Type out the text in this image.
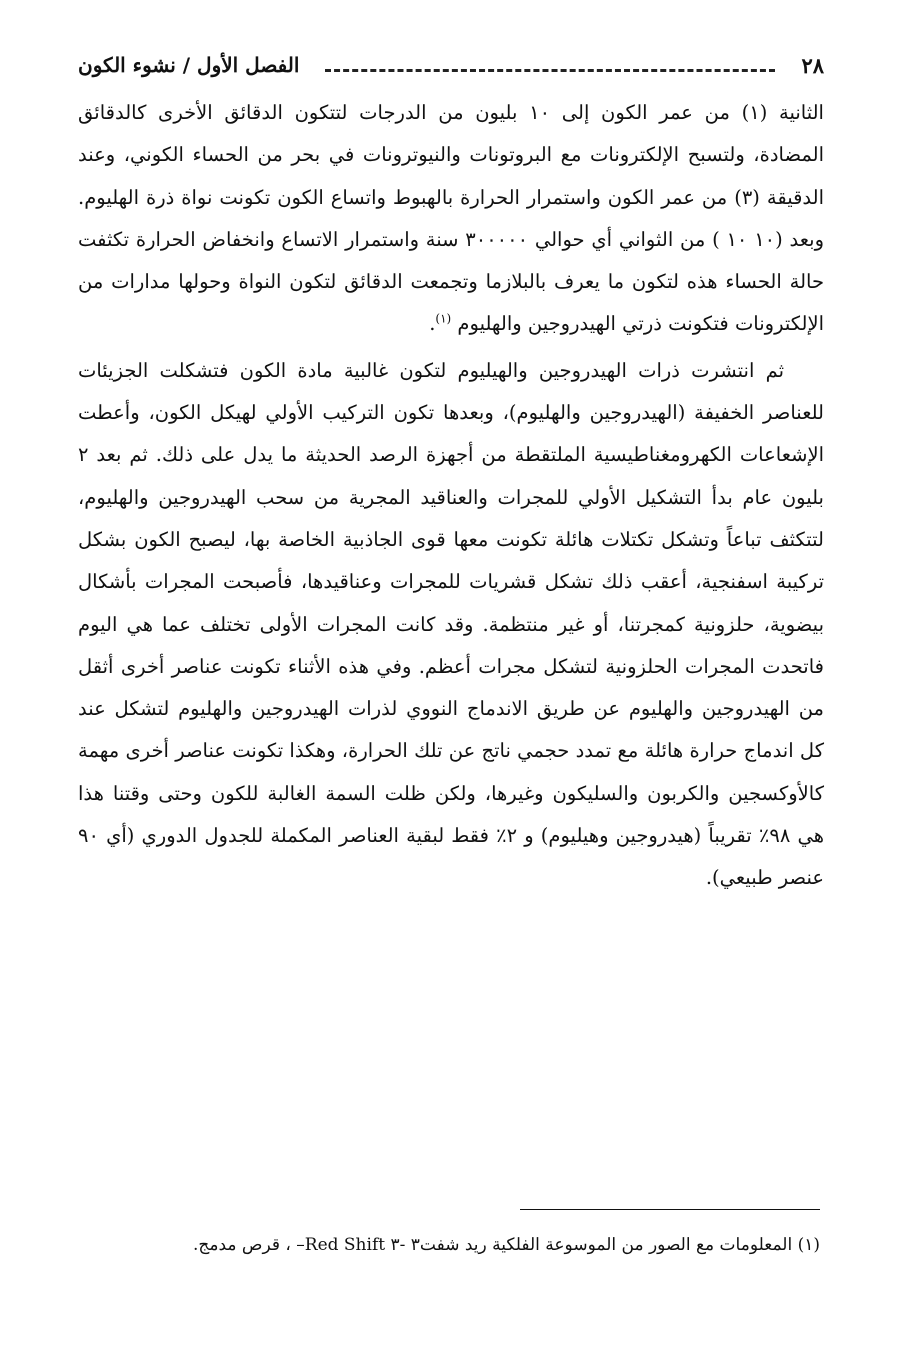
٢٨
الفصل الأول / نشوء الكون

الثانية (١) من عمر الكون إلى ١٠ بليون من الدرجات لتتكون الدقائق الأخرى كالدقائق المضادة، ولتسبح الإلكترونات مع البروتونات والنيوترونات في بحر من الحساء الكوني، وعند الدقيقة (٣) من عمر الكون واستمرار الحرارة بالهبوط واتساع الكون تكونت نواة ذرة الهليوم. وبعد (١٠ ١٠ ) من الثواني أي حوالي ٣٠٠٠٠٠ سنة واستمرار الاتساع وانخفاض الحرارة تكثفت حالة الحساء هذه لتكون ما يعرف بالبلازما وتجمعت الدقائق لتكون النواة وحولها مدارات من الإلكترونات فتكونت ذرتي الهيدروجين والهليوم $^{(١)}$.

ثم انتشرت ذرات الهيدروجين والهيليوم لتكون غالبية مادة الكون فتشكلت الجزيئات للعناصر الخفيفة (الهيدروجين والهليوم)، وبعدها تكون التركيب الأولي لهيكل الكون، وأعطت الإشعاعات الكهرومغناطيسية الملتقطة من أجهزة الرصد الحديثة ما يدل على ذلك. ثم بعد ٢ بليون عام بدأ التشكيل الأولي للمجرات والعناقيد المجرية من سحب الهيدروجين والهليوم، لتتكثف تباعاً وتشكل تكتلات هائلة تكونت معها قوى الجاذبية الخاصة بها، ليصبح الكون بشكل تركيبة اسفنجية، أعقب ذلك تشكل قشريات للمجرات وعناقيدها، فأصبحت المجرات بأشكال بيضوية، حلزونية كمجرتنا، أو غير منتظمة. وقد كانت المجرات الأولى تختلف عما هي اليوم فاتحدت المجرات الحلزونية لتشكل مجرات أعظم. وفي هذه الأثناء تكونت عناصر أخرى أثقل من الهيدروجين والهليوم عن طريق الاندماج النووي لذرات الهيدروجين والهليوم لتشكل عند كل اندماج حرارة هائلة مع تمدد حجمي ناتج عن تلك الحرارة، وهكذا تكونت عناصر أخرى مهمة كالأوكسجين والكربون والسليكون وغيرها، ولكن ظلت السمة الغالبة للكون وحتى وقتنا هذا هي ٩٨٪ تقريباً (هيدروجين وهيليوم) و ٢٪ فقط لبقية العناصر المكملة للجدول الدوري (أي ٩٠ عنصر طبيعي).

(١) المعلومات مع الصور من الموسوعة الفلكية ريد شفت٣ -٣ Red Shift– ، قرص مدمج.
